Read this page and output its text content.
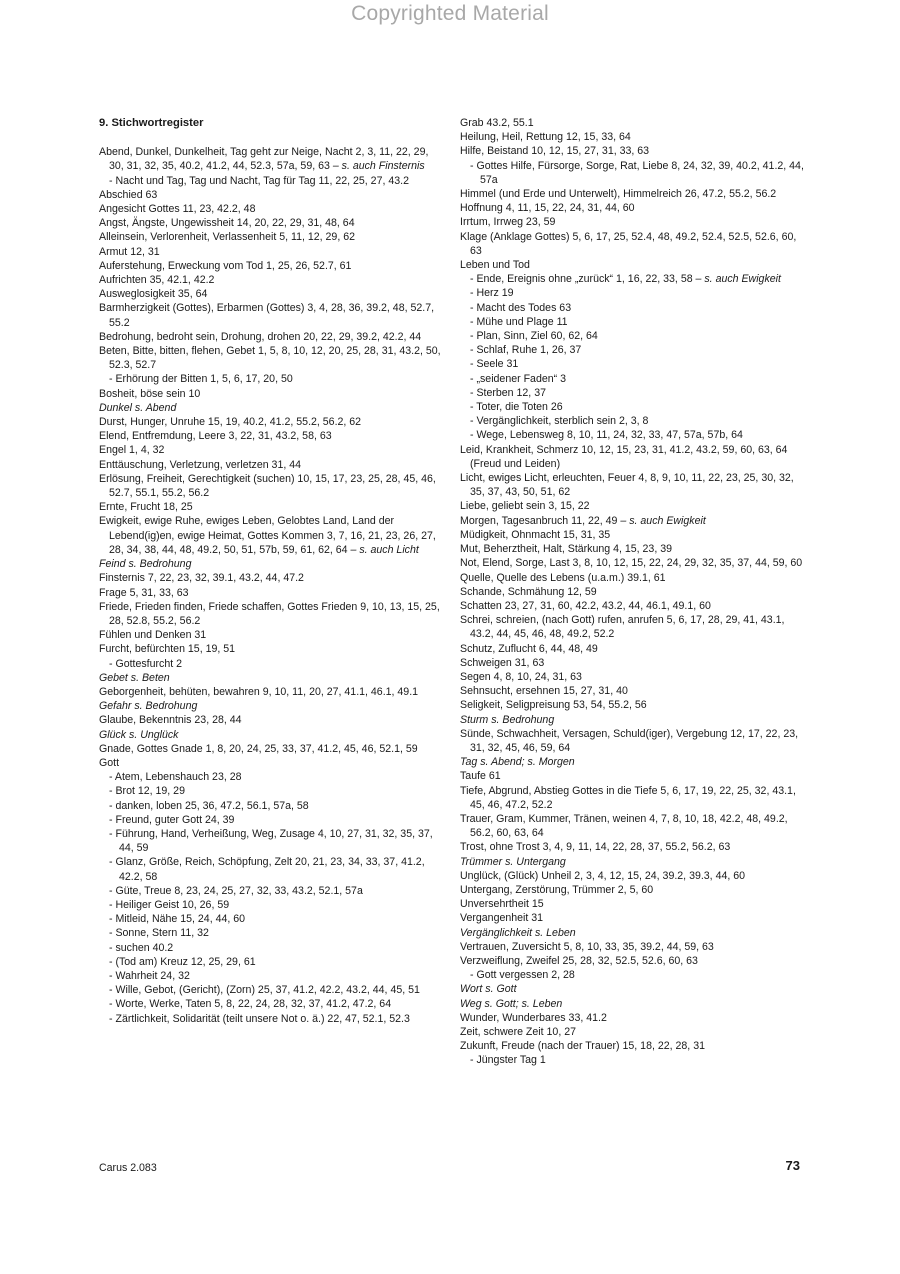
Copyrighted Material
9. Stichwortregister
Abend, Dunkel, Dunkelheit, Tag geht zur Neige, Nacht 2, 3, 11, 22, 29, 30, 31, 32, 35, 40.2, 41.2, 44, 52.3, 57a, 59, 63 – s. auch Finsternis
- Nacht und Tag, Tag und Nacht, Tag für Tag 11, 22, 25, 27, 43.2
Abschied 63
Angesicht Gottes 11, 23, 42.2, 48
Angst, Ängste, Ungewissheit 14, 20, 22, 29, 31, 48, 64
Alleinsein, Verlorenheit, Verlassenheit 5, 11, 12, 29, 62
Armut 12, 31
Auferstehung, Erweckung vom Tod 1, 25, 26, 52.7, 61
Aufrichten 35, 42.1, 42.2
Ausweglosigkeit 35, 64
Barmherzigkeit (Gottes), Erbarmen (Gottes) 3, 4, 28, 36, 39.2, 48, 52.7, 55.2
Bedrohung, bedroht sein, Drohung, drohen 20, 22, 29, 39.2, 42.2, 44
Beten, Bitte, bitten, flehen, Gebet 1, 5, 8, 10, 12, 20, 25, 28, 31, 43.2, 50, 52.3, 52.7
- Erhörung der Bitten 1, 5, 6, 17, 20, 50
Bosheit, böse sein 10
Dunkel s. Abend
Durst, Hunger, Unruhe 15, 19, 40.2, 41.2, 55.2, 56.2, 62
Elend, Entfremdung, Leere 3, 22, 31, 43.2, 58, 63
Engel 1, 4, 32
Enttäuschung, Verletzung, verletzen 31, 44
Erlösung, Freiheit, Gerechtigkeit (suchen) 10, 15, 17, 23, 25, 28, 45, 46, 52.7, 55.1, 55.2, 56.2
Ernte, Frucht 18, 25
Ewigkeit, ewige Ruhe, ewiges Leben, Gelobtes Land, Land der Lebend(ig)en, ewige Heimat, Gottes Kommen 3, 7, 16, 21, 23, 26, 27, 28, 34, 38, 44, 48, 49.2, 50, 51, 57b, 59, 61, 62, 64 – s. auch Licht
Feind s. Bedrohung
Finsternis 7, 22, 23, 32, 39.1, 43.2, 44, 47.2
Frage 5, 31, 33, 63
Friede, Frieden finden, Friede schaffen, Gottes Frieden 9, 10, 13, 15, 25, 28, 52.8, 55.2, 56.2
Fühlen und Denken 31
Furcht, befürchten 15, 19, 51
- Gottesfurcht 2
Gebet s. Beten
Geborgenheit, behüten, bewahren 9, 10, 11, 20, 27, 41.1, 46.1, 49.1
Gefahr s. Bedrohung
Glaube, Bekenntnis 23, 28, 44
Glück s. Unglück
Gnade, Gottes Gnade 1, 8, 20, 24, 25, 33, 37, 41.2, 45, 46, 52.1, 59
Gott
- Atem, Lebenshauch 23, 28
- Brot 12, 19, 29
- danken, loben 25, 36, 47.2, 56.1, 57a, 58
- Freund, guter Gott 24, 39
- Führung, Hand, Verheißung, Weg, Zusage 4, 10, 27, 31, 32, 35, 37, 44, 59
- Glanz, Größe, Reich, Schöpfung, Zelt 20, 21, 23, 34, 33, 37, 41.2, 42.2, 58
- Güte, Treue 8, 23, 24, 25, 27, 32, 33, 43.2, 52.1, 57a
- Heiliger Geist 10, 26, 59
- Mitleid, Nähe 15, 24, 44, 60
- Sonne, Stern 11, 32
- suchen 40.2
- (Tod am) Kreuz 12, 25, 29, 61
- Wahrheit 24, 32
- Wille, Gebot, (Gericht), (Zorn) 25, 37, 41.2, 42.2, 43.2, 44, 45, 51
- Worte, Werke, Taten 5, 8, 22, 24, 28, 32, 37, 41.2, 47.2, 64
- Zärtlichkeit, Solidarität (teilt unsere Not o. ä.) 22, 47, 52.1, 52.3
Grab 43.2, 55.1
Heilung, Heil, Rettung 12, 15, 33, 64
Hilfe, Beistand 10, 12, 15, 27, 31, 33, 63
- Gottes Hilfe, Fürsorge, Sorge, Rat, Liebe 8, 24, 32, 39, 40.2, 41.2, 44, 57a
Himmel (und Erde und Unterwelt), Himmelreich 26, 47.2, 55.2, 56.2
Hoffnung 4, 11, 15, 22, 24, 31, 44, 60
Irrtum, Irrweg 23, 59
Klage (Anklage Gottes) 5, 6, 17, 25, 52.4, 48, 49.2, 52.4, 52.5, 52.6, 60, 63
Leben und Tod
- Ende, Ereignis ohne „zurück“ 1, 16, 22, 33, 58 – s. auch Ewigkeit
- Herz 19
- Macht des Todes 63
- Mühe und Plage 11
- Plan, Sinn, Ziel 60, 62, 64
- Schlaf, Ruhe 1, 26, 37
- Seele 31
- „seidener Faden“ 3
- Sterben 12, 37
- Toter, die Toten 26
- Vergänglichkeit, sterblich sein 2, 3, 8
- Wege, Lebensweg 8, 10, 11, 24, 32, 33, 47, 57a, 57b, 64
Leid, Krankheit, Schmerz 10, 12, 15, 23, 31, 41.2, 43.2, 59, 60, 63, 64 (Freud und Leiden)
Licht, ewiges Licht, erleuchten, Feuer 4, 8, 9, 10, 11, 22, 23, 25, 30, 32, 35, 37, 43, 50, 51, 62
Liebe, geliebt sein 3, 15, 22
Morgen, Tagesanbruch 11, 22, 49 – s. auch Ewigkeit
Müdigkeit, Ohnmacht 15, 31, 35
Mut, Beherztheit, Halt, Stärkung 4, 15, 23, 39
Not, Elend, Sorge, Last 3, 8, 10, 12, 15, 22, 24, 29, 32, 35, 37, 44, 59, 60
Quelle, Quelle des Lebens (u.a.m.) 39.1, 61
Schande, Schmähung 12, 59
Schatten 23, 27, 31, 60, 42.2, 43.2, 44, 46.1, 49.1, 60
Schrei, schreien, (nach Gott) rufen, anrufen 5, 6, 17, 28, 29, 41, 43.1, 43.2, 44, 45, 46, 48, 49.2, 52.2
Schutz, Zuflucht 6, 44, 48, 49
Schweigen 31, 63
Segen 4, 8, 10, 24, 31, 63
Sehnsucht, ersehnen 15, 27, 31, 40
Seligkeit, Seligpreisung 53, 54, 55.2, 56
Sturm s. Bedrohung
Sünde, Schwachheit, Versagen, Schuld(iger), Vergebung 12, 17, 22, 23, 31, 32, 45, 46, 59, 64
Tag s. Abend; s. Morgen
Taufe 61
Tiefe, Abgrund, Abstieg Gottes in die Tiefe 5, 6, 17, 19, 22, 25, 32, 43.1, 45, 46, 47.2, 52.2
Trauer, Gram, Kummer, Tränen, weinen 4, 7, 8, 10, 18, 42.2, 48, 49.2, 56.2, 60, 63, 64
Trost, ohne Trost 3, 4, 9, 11, 14, 22, 28, 37, 55.2, 56.2, 63
Trümmer s. Untergang
Unglück, (Glück) Unheil 2, 3, 4, 12, 15, 24, 39.2, 39.3, 44, 60
Untergang, Zerstörung, Trümmer 2, 5, 60
Unversehrtheit 15
Vergangenheit 31
Vergänglichkeit s. Leben
Vertrauen, Zuversicht 5, 8, 10, 33, 35, 39.2, 44, 59, 63
Verzweiflung, Zweifel 25, 28, 32, 52.5, 52.6, 60, 63
- Gott vergessen 2, 28
Wort s. Gott
Weg s. Gott; s. Leben
Wunder, Wunderbares 33, 41.2
Zeit, schwere Zeit 10, 27
Zukunft, Freude (nach der Trauer) 15, 18, 22, 28, 31
- Jüngster Tag 1
Carus 2.083	73
